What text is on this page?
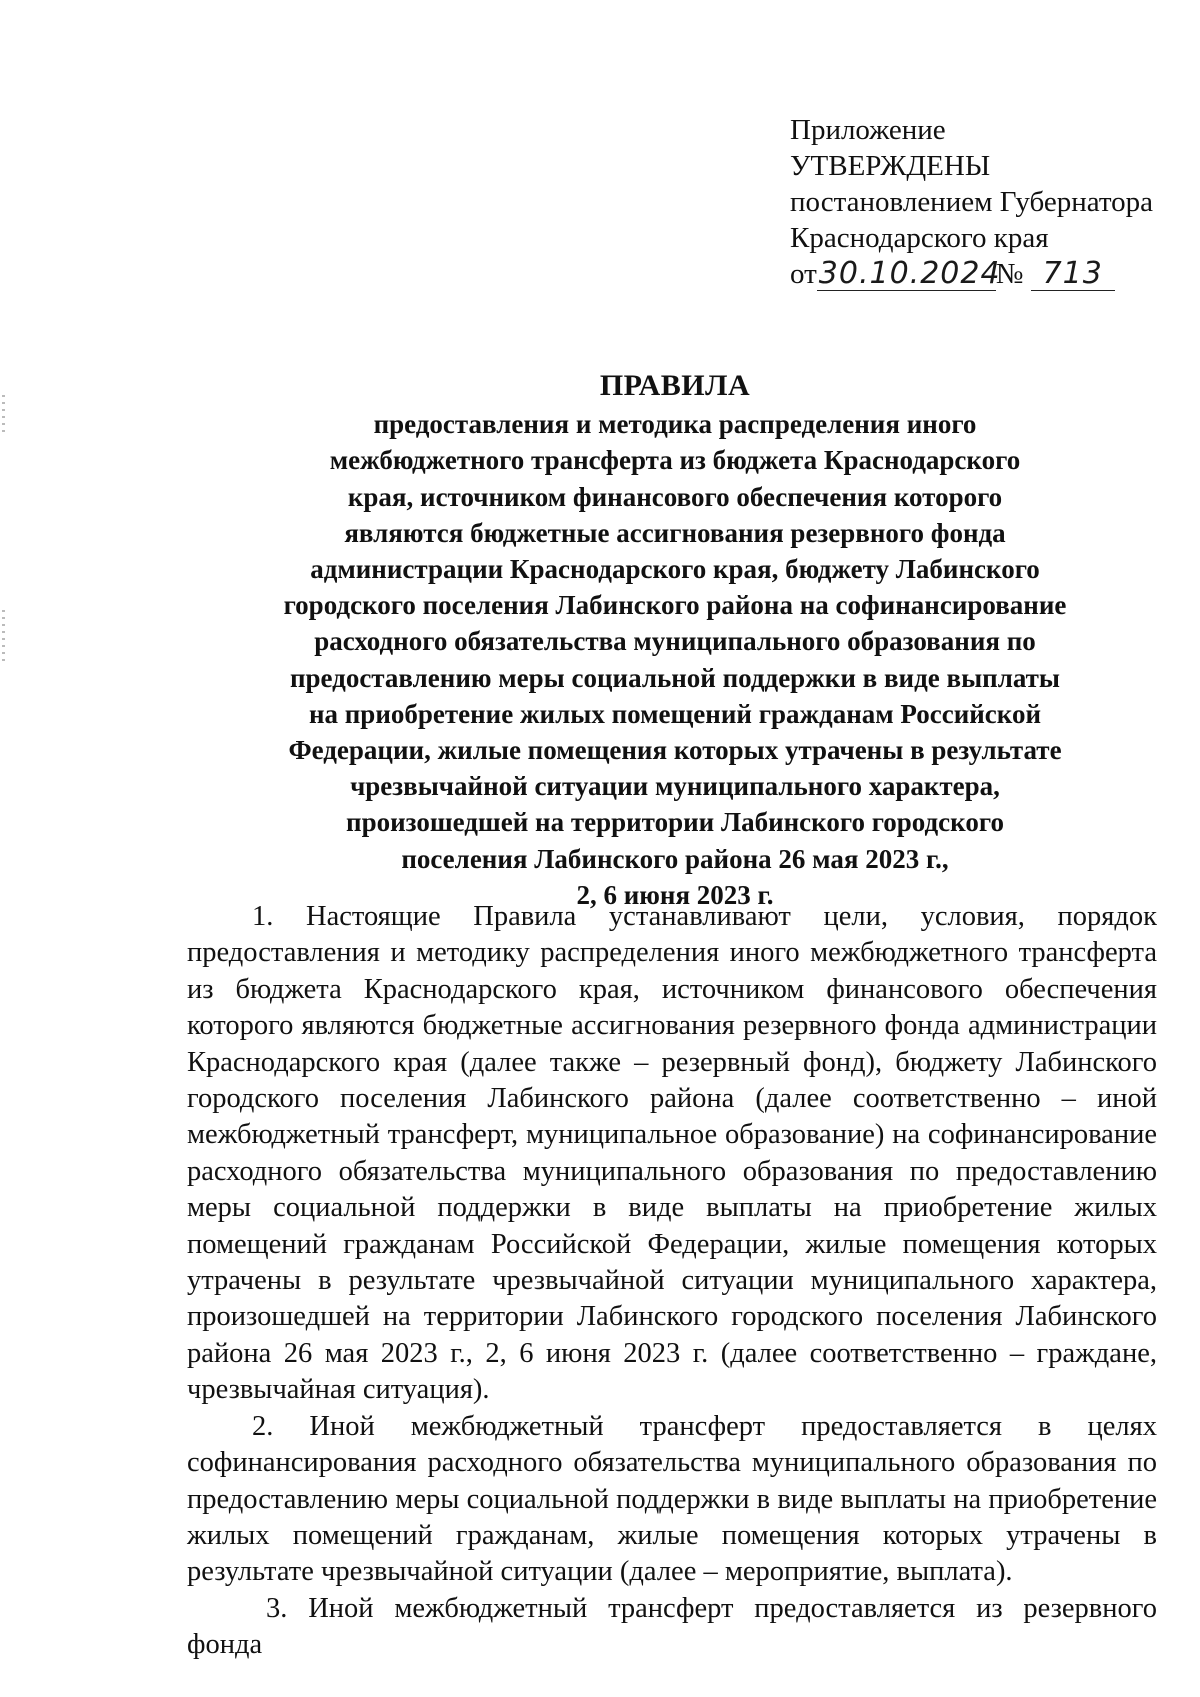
Приложение

УТВЕРЖДЕНЫ

постановлением Губернатора

Краснодарского края

от30.10.2024№ 713

ПРАВИЛА

предоставления и методика распределения иного

межбюджетного трансферта из бюджета Краснодарского

края, источником финансового обеспечения которого

являются бюджетные ассигнования резервного фонда

администрации Краснодарского края, бюджету Лабинского

городского поселения Лабинского района на софинансирование

расходного обязательства муниципального образования по

предоставлению меры социальной поддержки в виде выплаты

на приобретение жилых помещений гражданам Российской

Федерации, жилые помещения которых утрачены в результате

чрезвычайной ситуации муниципального характера,

произошедшей на территории Лабинского городского

поселения Лабинского района 26 мая 2023 г.,

2, 6 июня 2023 г.

1. Настоящие Правила устанавливают цели, условия, порядок предоставления и методику распределения иного межбюджетного трансферта из бюджета Краснодарского края, источником финансового обеспечения которого являются бюджетные ассигнования резервного фонда администрации Краснодарского края (далее также – резервный фонд), бюджету Лабинского городского поселения Лабинского района (далее соответственно – иной межбюджетный трансферт, муниципальное образование) на софинансирование расходного обязательства муниципального образования по предоставлению меры социальной поддержки в виде выплаты на приобретение жилых помещений гражданам Российской Федерации, жилые помещения которых утрачены в результате чрезвычайной ситуации муниципального характера, произошедшей на территории Лабинского городского поселения Лабинского района 26 мая 2023 г., 2, 6 июня 2023 г. (далее соответственно – граждане, чрезвычайная ситуация).

2. Иной межбюджетный трансферт предоставляется в целях софинансирования расходного обязательства муниципального образования по предоставлению меры социальной поддержки в виде выплаты на приобретение жилых помещений гражданам, жилые помещения которых утрачены в результате чрезвычайной ситуации (далее – мероприятие, выплата).

3. Иной межбюджетный трансферт предоставляется из резервного фонда
